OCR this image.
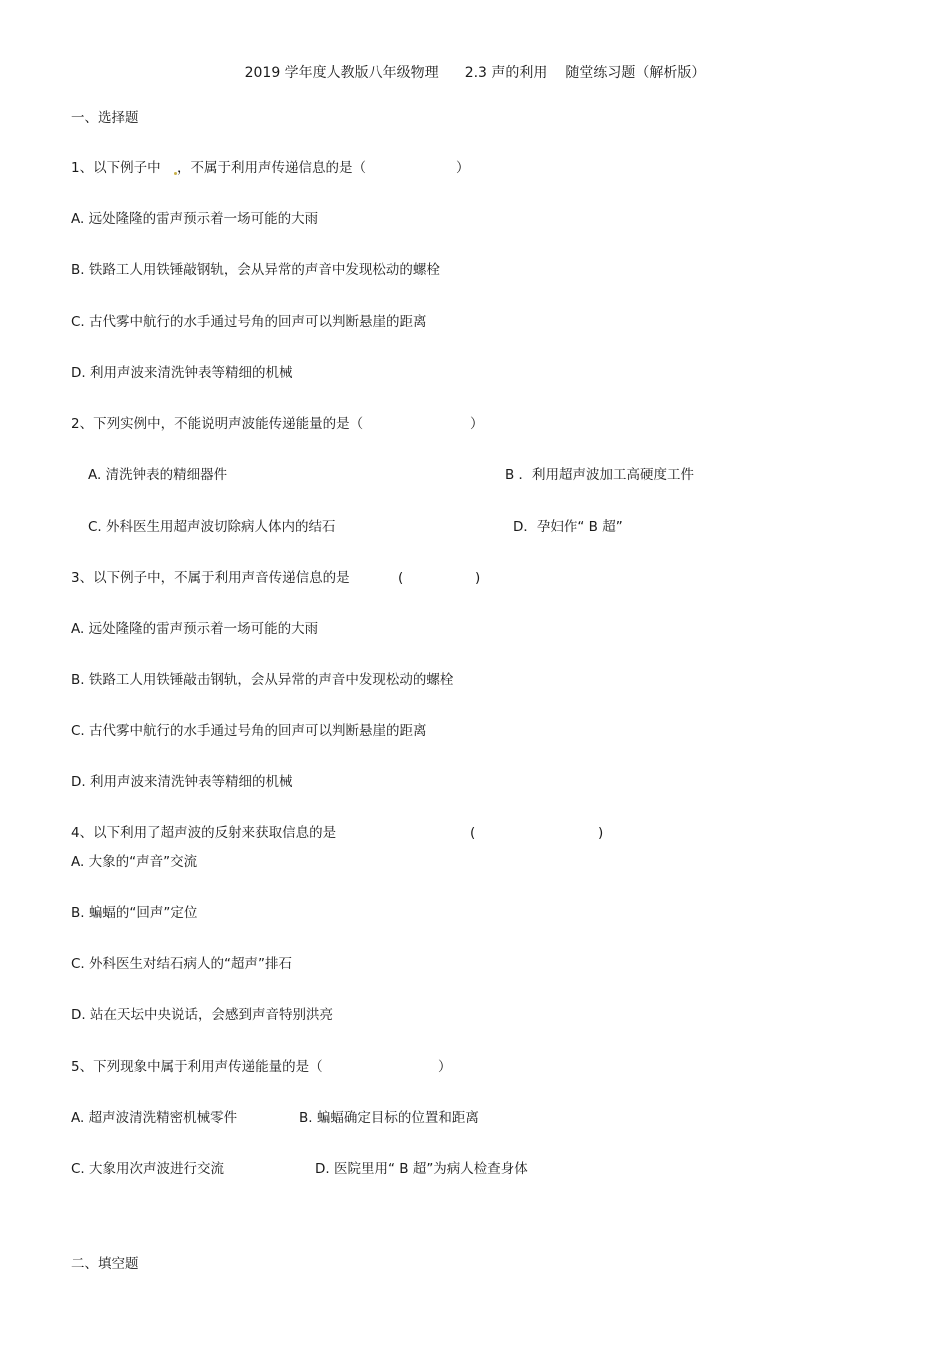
2019 学年度人教版八年级物理 2.3 声的利用 随堂练习题（解析版）
一、选择题
1、以下例子中 ，不属于利用声传递信息的是（	）
A. 远处隆隆的雷声预示着一场可能的大雨
B. 铁路工人用铁锤敲钢轨，会从异常的声音中发现松动的螺栓
C. 古代雾中航行的水手通过号角的回声可以判断悬崖的距离
D. 利用声波来清洗钟表等精细的机械
2、下列实例中，不能说明声波能传递能量的是（	）
A. 清洗钟表的精细器件	B ．利用超声波加工高硬度工件
C. 外科医生用超声波切除病人体内的结石	D．孕妇作“ B 超”
3、以下例子中，不属于利用声音传递信息的是	(	)
A. 远处隆隆的雷声预示着一场可能的大雨
B. 铁路工人用铁锤敲击钢轨，会从异常的声音中发现松动的螺栓
C. 古代雾中航行的水手通过号角的回声可以判断悬崖的距离
D. 利用声波来清洗钟表等精细的机械
4、以下利用了超声波的反射来获取信息的是	(	)
A. 大象的“声音”交流
B. 蝙蝠的“回声”定位
C. 外科医生对结石病人的“超声”排石
D. 站在天坛中央说话，会感到声音特别洪亮
5、下列现象中属于利用声传递能量的是（	）
A. 超声波清洗精密机械零件	B. 蝙蝠确定目标的位置和距离
C. 大象用次声波进行交流	D. 医院里用“ B 超”为病人检查身体
二、填空题
